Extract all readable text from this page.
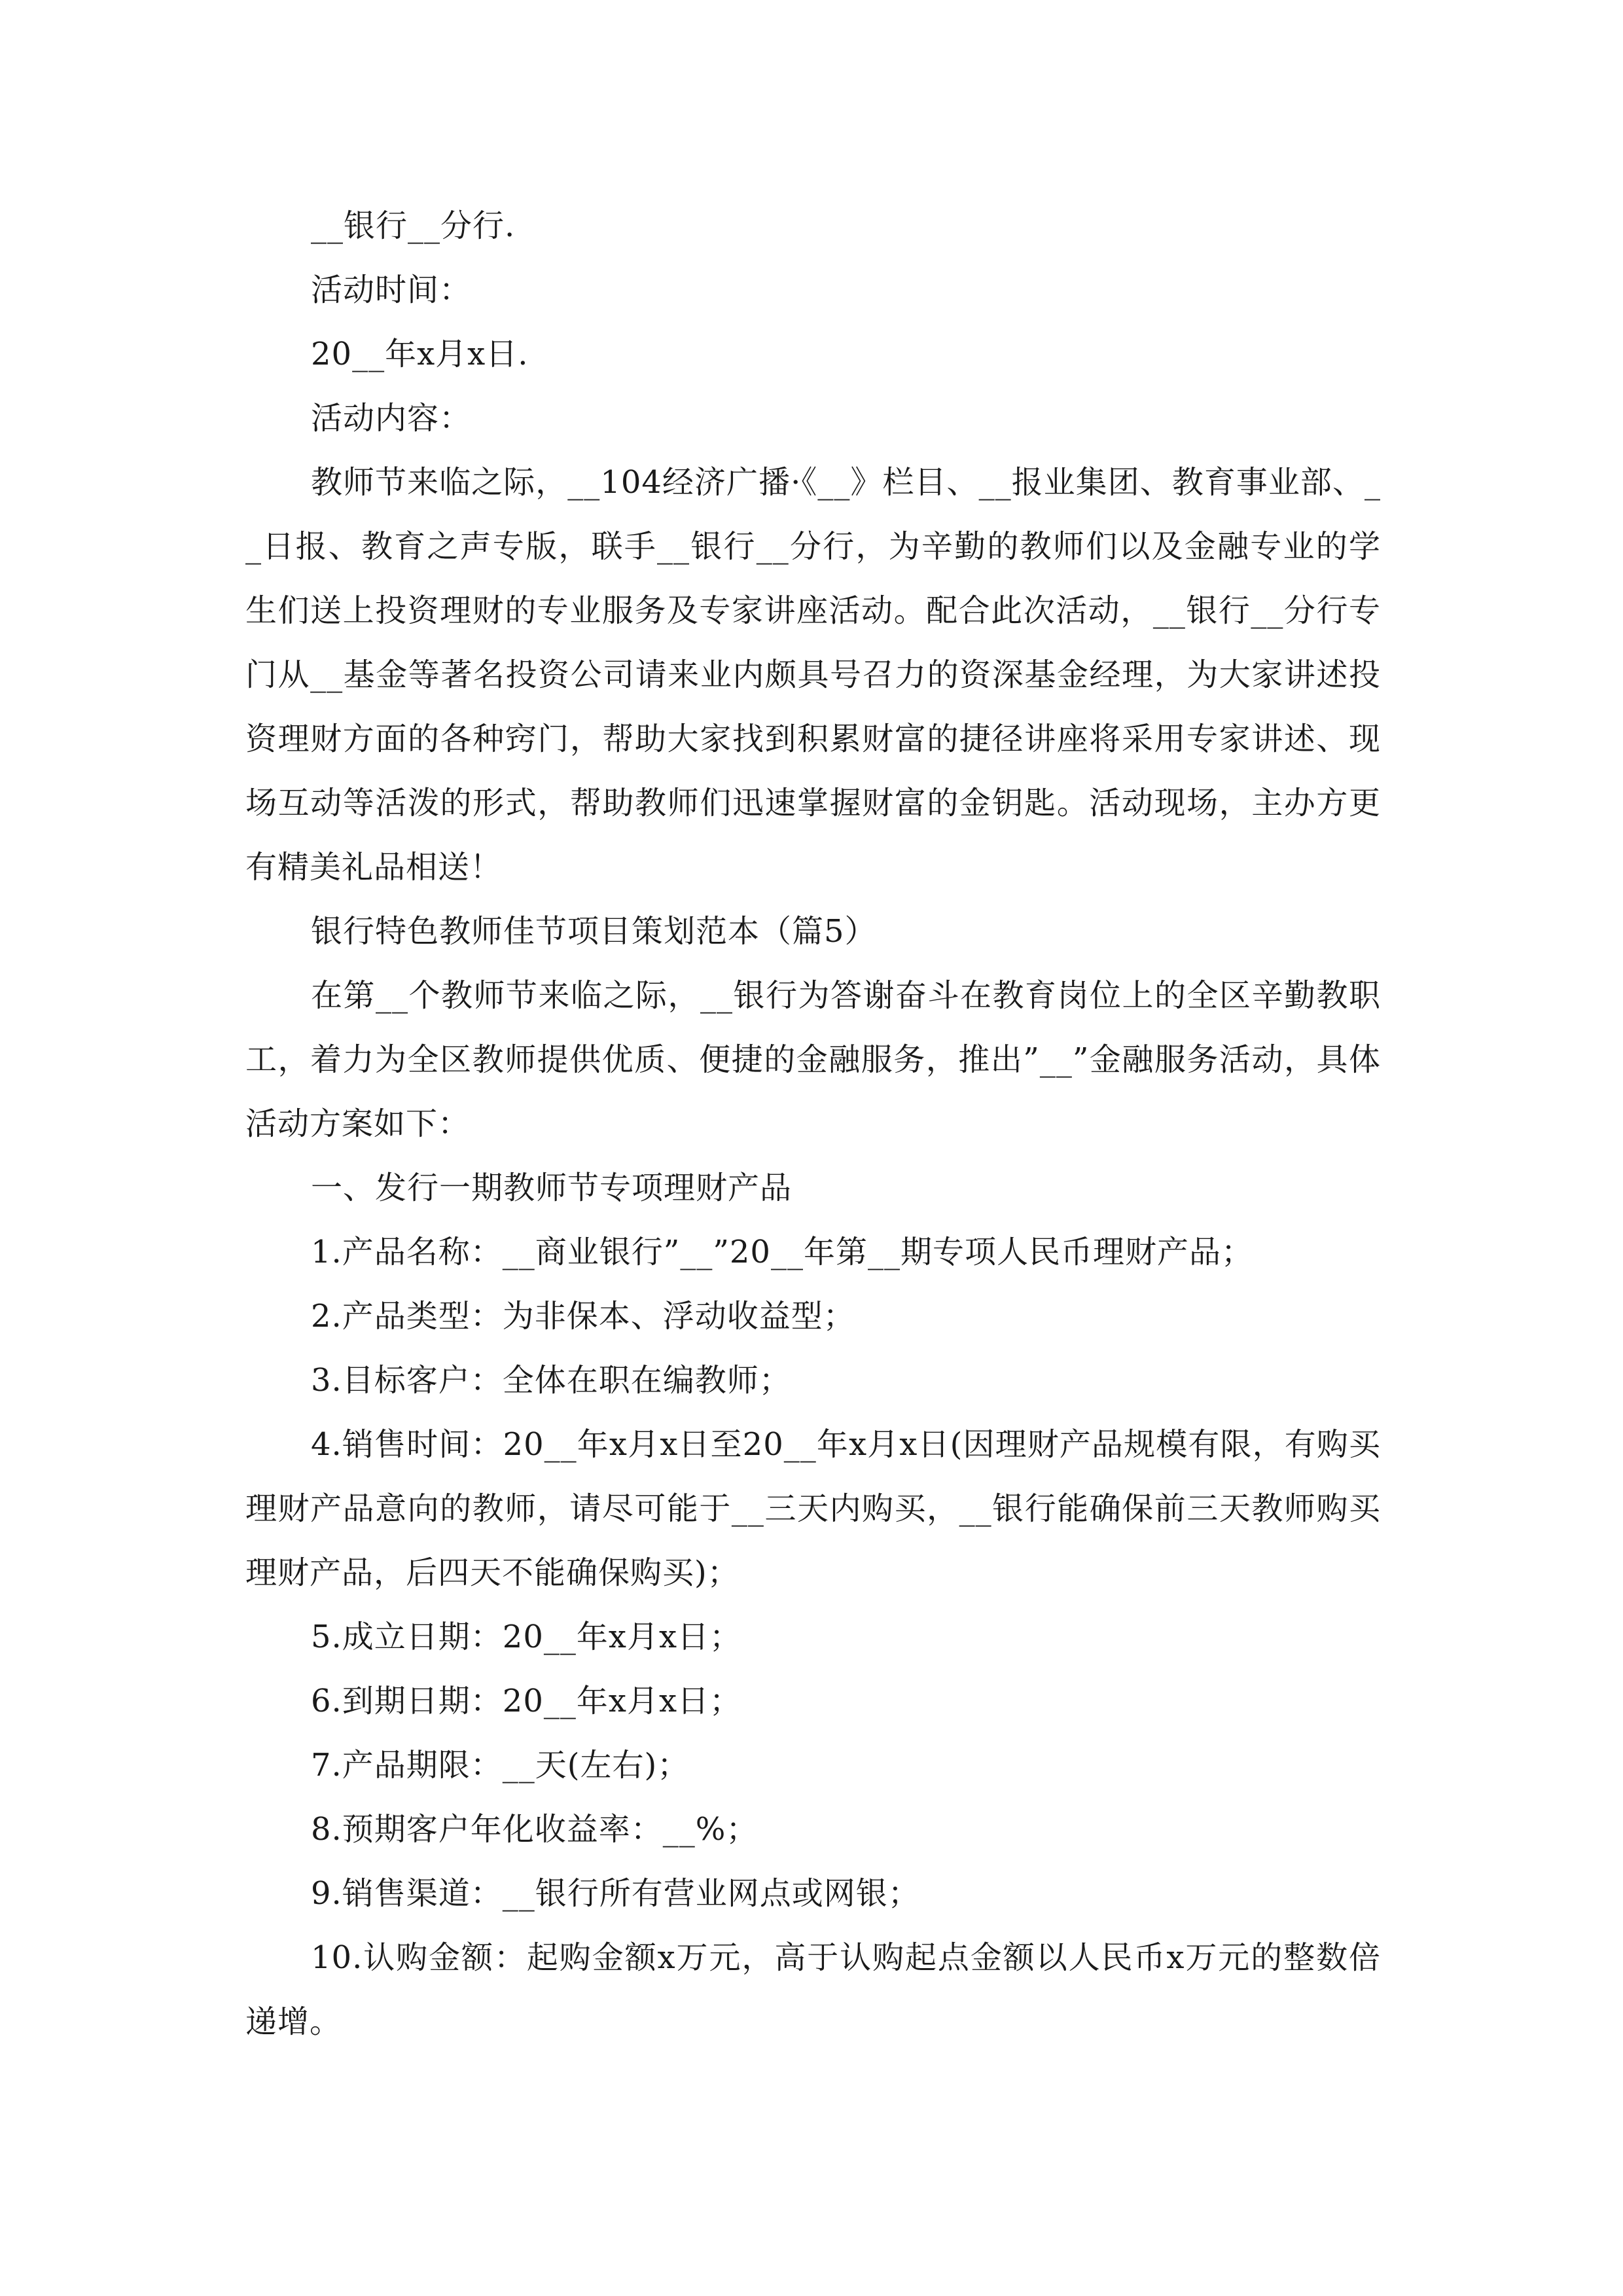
__银行__分行.

活动时间：

20__年x月x日.

活动内容：

教师节来临之际，__104经济广播·《__》栏目、__报业集团、教育事业部、__日报、教育之声专版，联手__银行__分行，为辛勤的教师们以及金融专业的学生们送上投资理财的专业服务及专家讲座活动。配合此次活动，__银行__分行专门从__基金等著名投资公司请来业内颇具号召力的资深基金经理，为大家讲述投资理财方面的各种窍门，帮助大家找到积累财富的捷径讲座将采用专家讲述、现场互动等活泼的形式，帮助教师们迅速掌握财富的金钥匙。活动现场，主办方更有精美礼品相送！

银行特色教师佳节项目策划范本（篇5）

在第__个教师节来临之际，__银行为答谢奋斗在教育岗位上的全区辛勤教职工，着力为全区教师提供优质、便捷的金融服务，推出”__”金融服务活动，具体活动方案如下：

一、发行一期教师节专项理财产品

1.产品名称：__商业银行”__”20__年第__期专项人民币理财产品；

2.产品类型：为非保本、浮动收益型；

3.目标客户：全体在职在编教师；

4.销售时间：20__年x月x日至20__年x月x日(因理财产品规模有限，有购买理财产品意向的教师，请尽可能于__三天内购买，__银行能确保前三天教师购买理财产品，后四天不能确保购买)；

5.成立日期：20__年x月x日；

6.到期日期：20__年x月x日；

7.产品期限：__天(左右)；

8.预期客户年化收益率：__%；

9.销售渠道：__银行所有营业网点或网银；

10.认购金额：起购金额x万元，高于认购起点金额以人民币x万元的整数倍递增。
